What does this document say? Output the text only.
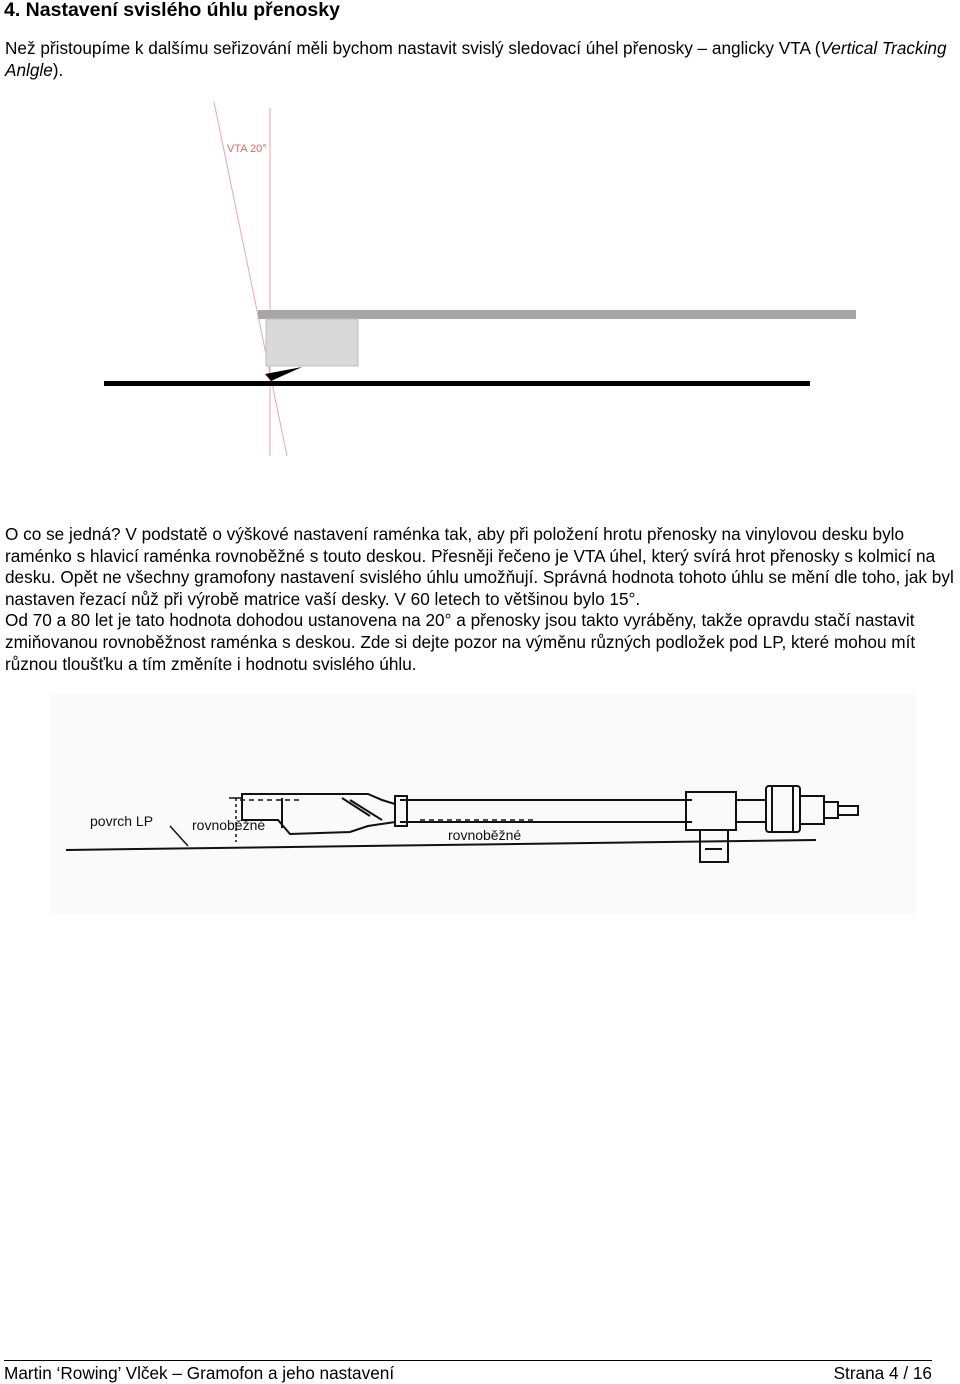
4. Nastavení svislého úhlu přenosky

Než přistoupíme k dalšímu seřizování měli bychom nastavit svislý sledovací úhel přenosky – anglicky VTA (Vertical Tracking Anlgle).

VTA 20°
O co se jedná? V podstatě o výškové nastavení raménka tak, aby při položení hrotu přenosky na vinylovou desku bylo raménko s hlavicí raménka rovnoběžné s touto deskou. Přesněji řečeno je VTA úhel, který svírá hrot přenosky s kolmicí na desku. Opět ne všechny gramofony nastavení svislého úhlu umožňují. Správná hodnota tohoto úhlu se mění dle toho, jak byl nastaven řezací nůž při výrobě matrice vaší desky. V 60 letech to většinou bylo 15°.
Od 70 a 80 let je tato hodnota dohodou ustanovena na 20° a přenosky jsou takto vyráběny, takže opravdu stačí nastavit zmiňovanou rovnoběžnost raménka s deskou. Zde si dejte pozor na výměnu různých podložek pod LP, které mohou mít různou tloušťku a tím změníte i hodnotu svislého úhlu.
povrch LP	rovnoběžné
rovnoběžné
Martin ‘Rowing’ Vlček – Gramofon a jeho nastavení	Strana 4 / 16
